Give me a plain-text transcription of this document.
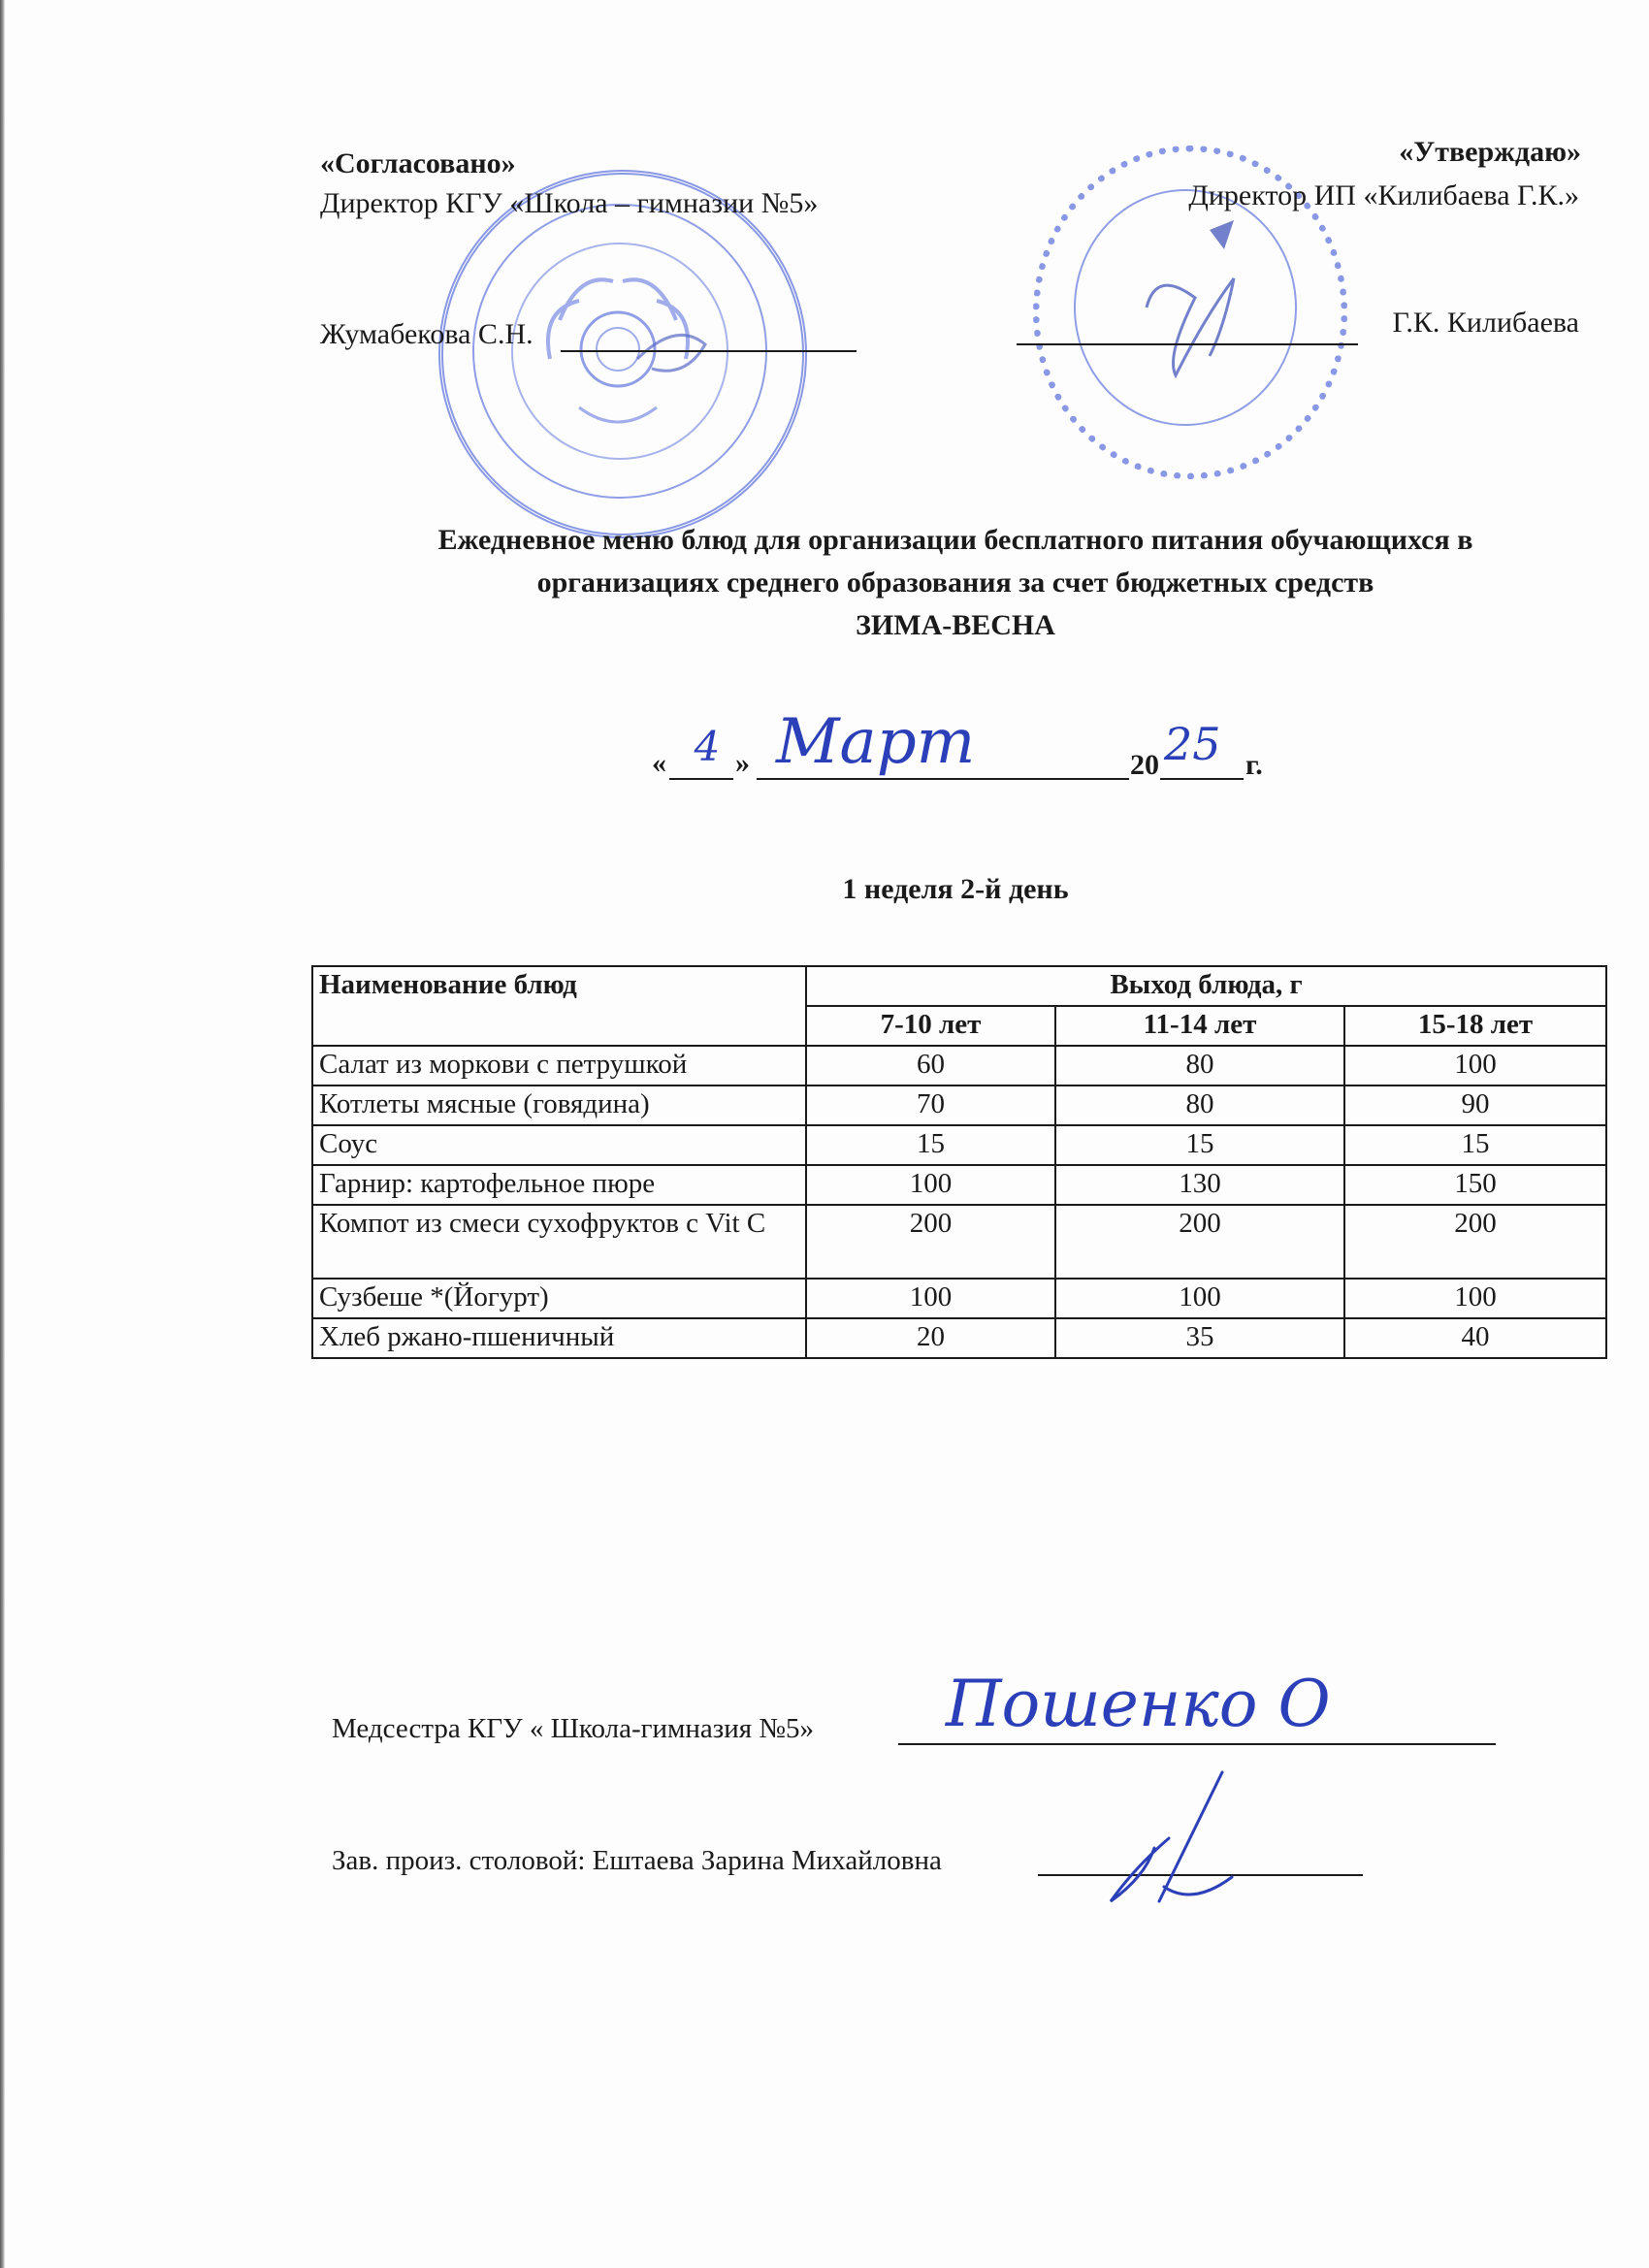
«Согласовано»
Директор КГУ «Школа – гимназии №5»
Жумабекова С.Н.
«Утверждаю»
Директор ИП «Килибаева Г.К.»
Г.К. Килибаева
Ежедневное меню блюд для организации бесплатного питания обучающихся в
организациях среднего образования за счет бюджетных средств
ЗИМА-ВЕСНА
« 4 » Март	20 25 г.
1 неделя 2-й день
Наименование блюд	Выход блюда, г		
	7-10 лет	11-14 лет	15-18 лет
Салат из моркови с петрушкой	60	80	100
Котлеты мясные (говядина)	70	80	90
Соус	15	15	15
Гарнир: картофельное пюре	100	130	150
Компот из смеси сухофруктов с Vit C	200	200	200
Сузбеше *(Йогурт)	100	100	100
Хлеб ржано-пшеничный	20	35	40
Медсестра КГУ « Школа-гимназия №5» Пошенко О
Зав. произ. столовой: Ештаева Зарина Михайловна
